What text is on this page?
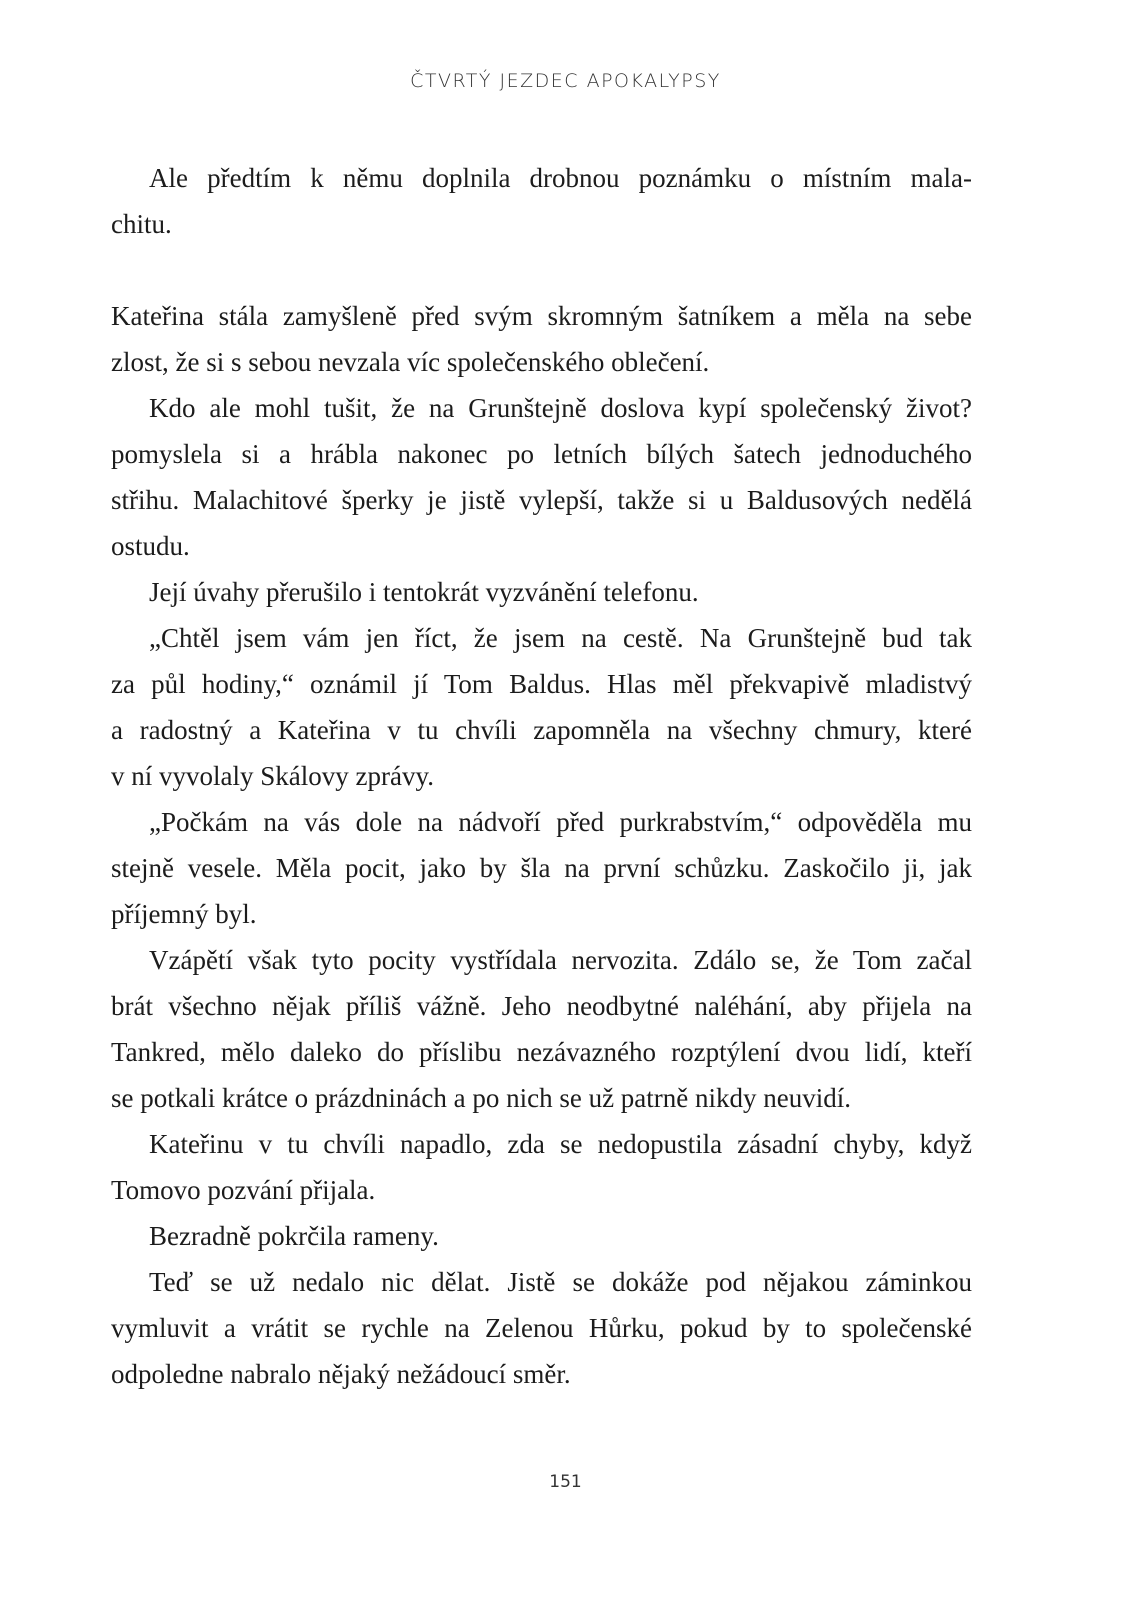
ČTVRTÝ JEZDEC APOKALYPSY
Ale předtím k němu doplnila drobnou poznámku o místním mala-
chitu.
Kateřina stála zamyšleně před svým skromným šatníkem a měla na sebe
zlost, že si s sebou nevzala víc společenského oblečení.
Kdo ale mohl tušit, že na Grunštejně doslova kypí společenský život?
pomyslela si a hrábla nakonec po letních bílých šatech jednoduchého
střihu. Malachitové šperky je jistě vylepší, takže si u Baldusových nedělá
ostudu.
Její úvahy přerušilo i tentokrát vyzvánění telefonu.
„Chtěl jsem vám jen říct, že jsem na cestě. Na Grunštejně bud tak
za půl hodiny,“ oznámil jí Tom Baldus. Hlas měl překvapivě mladistvý
a radostný a Kateřina v tu chvíli zapomněla na všechny chmury, které
v ní vyvolaly Skálovy zprávy.
„Počkám na vás dole na nádvoří před purkrabstvím,“ odpověděla mu
stejně vesele. Měla pocit, jako by šla na první schůzku. Zaskočilo ji, jak
příjemný byl.
Vzápětí však tyto pocity vystřídala nervozita. Zdálo se, že Tom začal
brát všechno nějak příliš vážně. Jeho neodbytné naléhání, aby přijela na
Tankred, mělo daleko do příslibu nezávazného rozptýlení dvou lidí, kteří
se potkali krátce o prázdninách a po nich se už patrně nikdy neuvidí.
Kateřinu v tu chvíli napadlo, zda se nedopustila zásadní chyby, když
Tomovo pozvání přijala.
Bezradně pokrčila rameny.
Teď se už nedalo nic dělat. Jistě se dokáže pod nějakou záminkou
vymluvit a vrátit se rychle na Zelenou Hůrku, pokud by to společenské
odpoledne nabralo nějaký nežádoucí směr.
151
